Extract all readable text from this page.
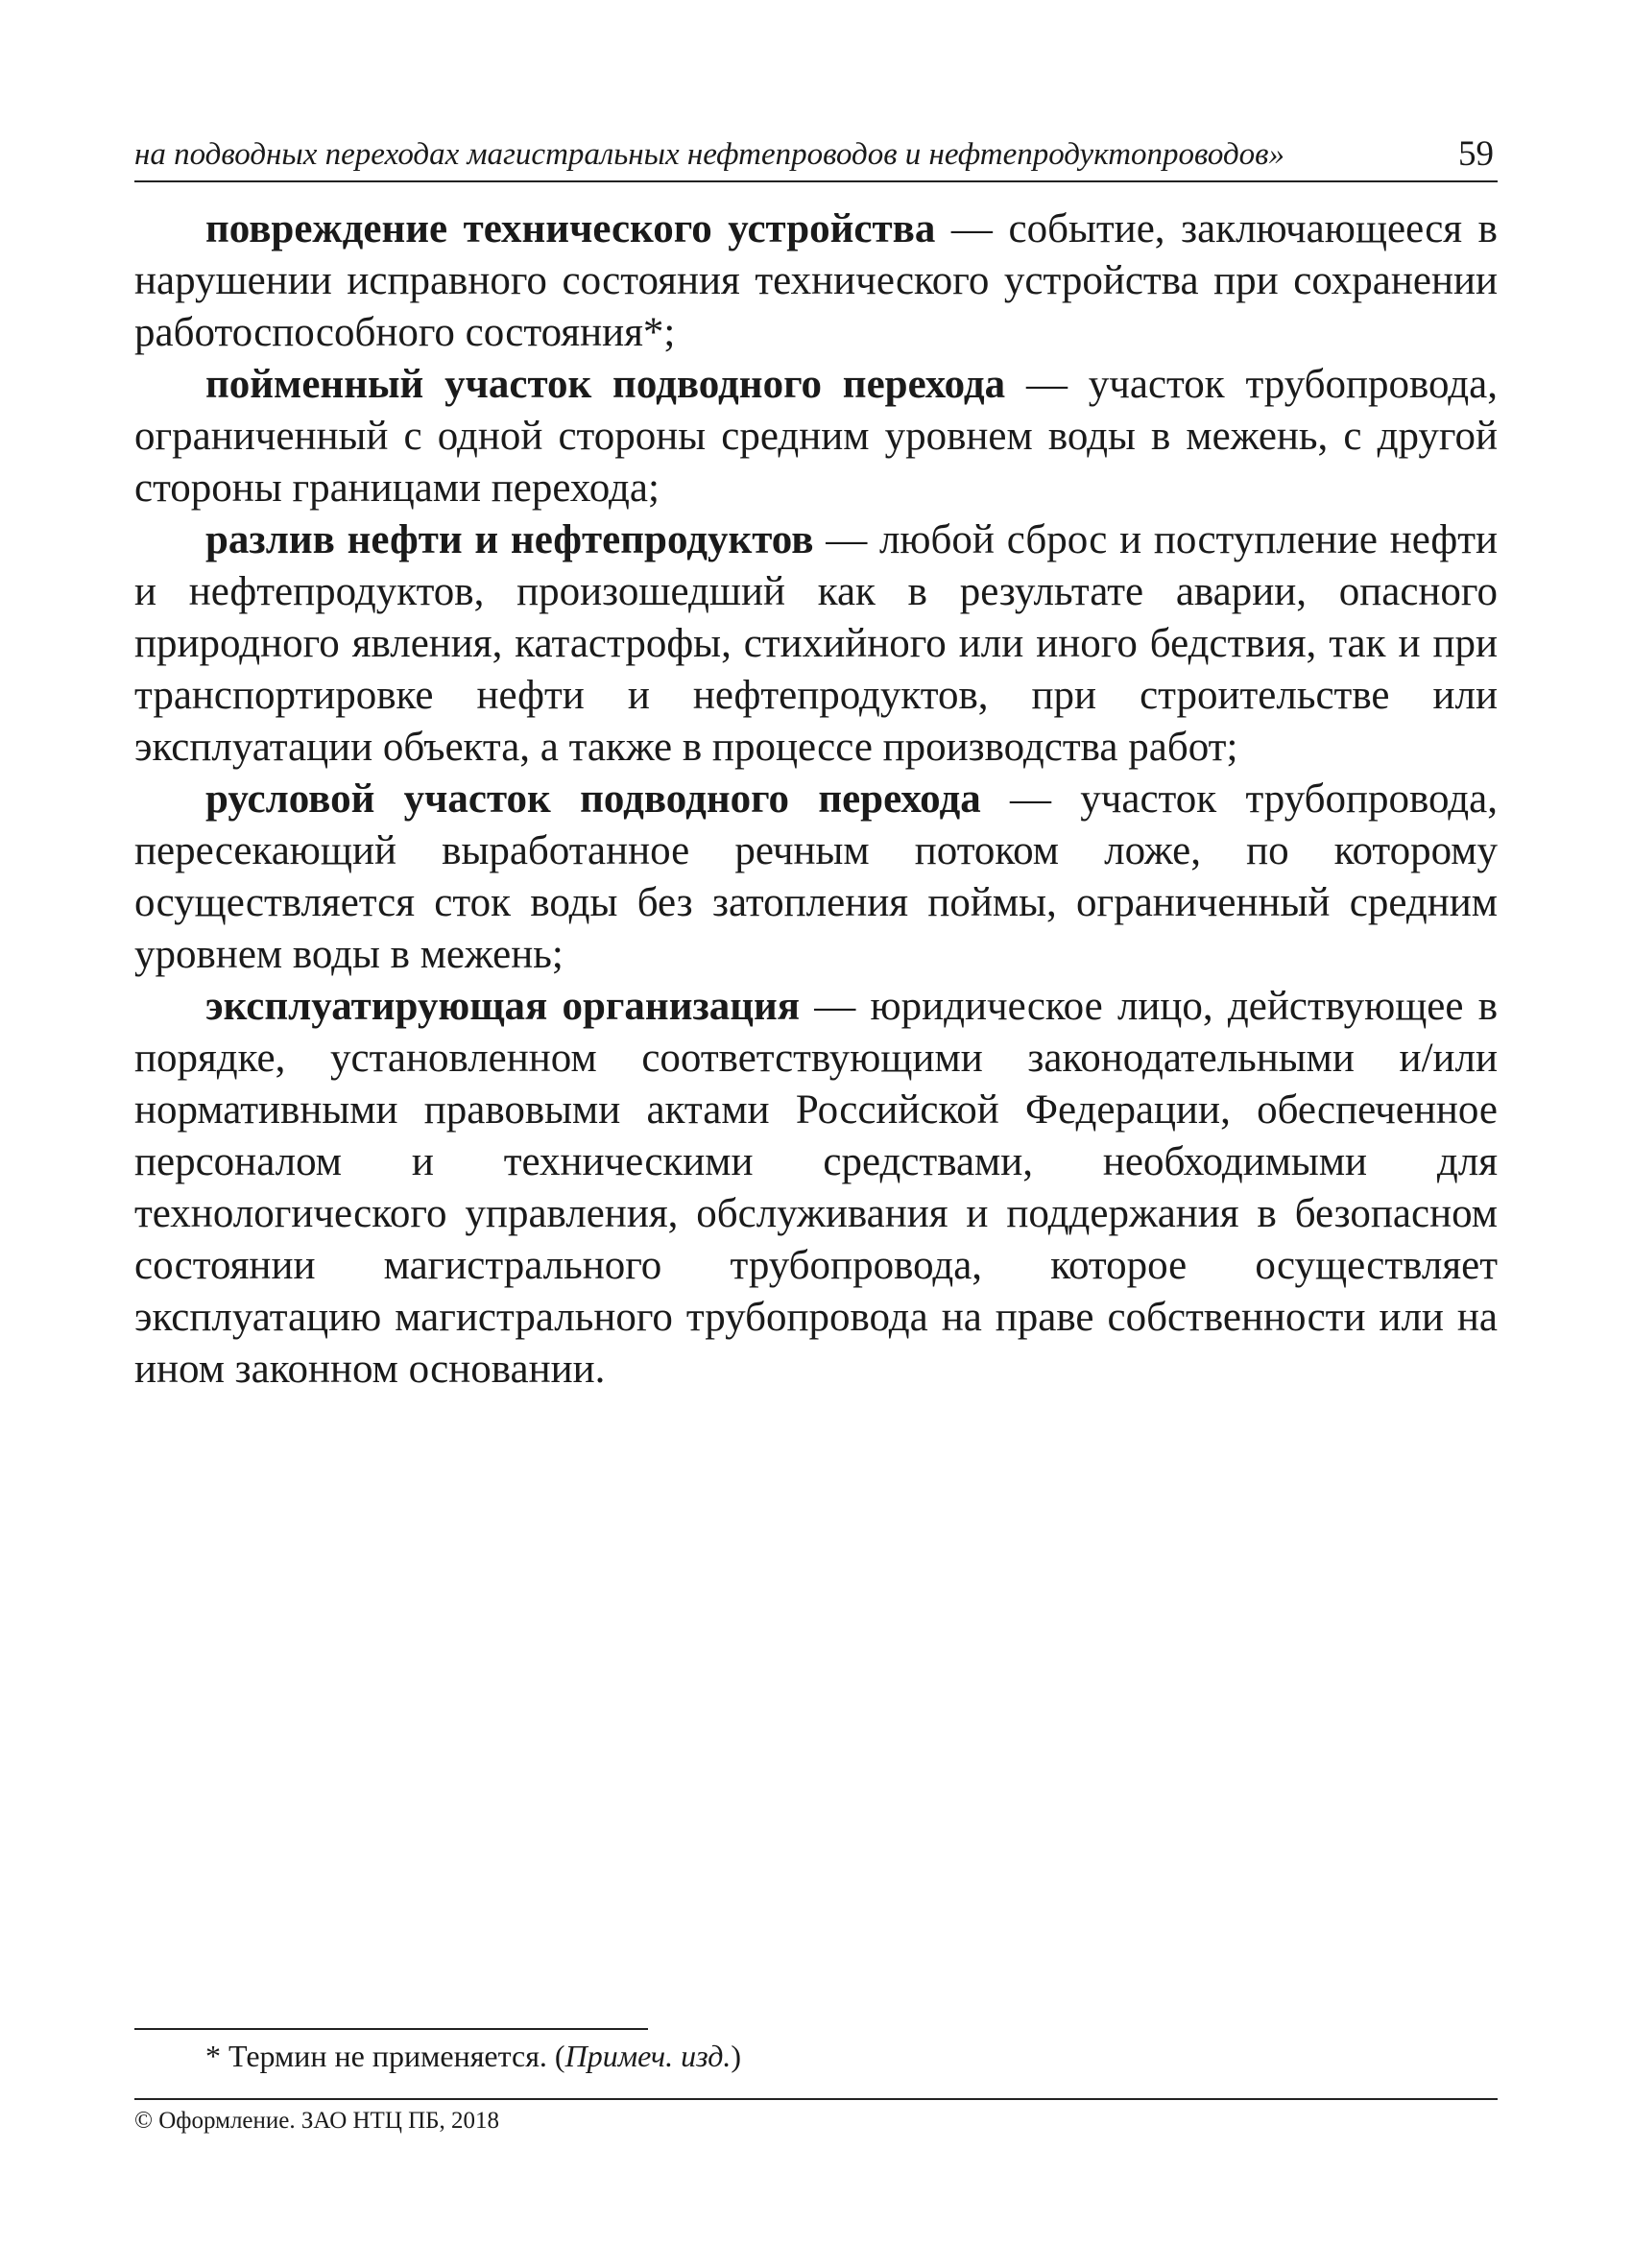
на подводных переходах магистральных нефтепроводов и нефтепродуктопроводов»	59

повреждение технического устройства — событие, заключающееся в нарушении исправного состояния технического устройства при сохранении работоспособного состояния*;

пойменный участок подводного перехода — участок трубопровода, ограниченный с одной стороны средним уровнем воды в межень, с другой стороны границами перехода;

разлив нефти и нефтепродуктов — любой сброс и поступление нефти и нефтепродуктов, произошедший как в результате аварии, опасного природного явления, катастрофы, стихийного или иного бедствия, так и при транспортировке нефти и нефтепродуктов, при строительстве или эксплуатации объекта, а также в процессе производства работ;

русловой участок подводного перехода — участок трубопровода, пересекающий выработанное речным потоком ложе, по которому осуществляется сток воды без затопления поймы, ограниченный средним уровнем воды в межень;

эксплуатирующая организация — юридическое лицо, действующее в порядке, установленном соответствующими законодательными и/или нормативными правовыми актами Российской Федерации, обеспеченное персоналом и техническими средствами, необходимыми для технологического управления, обслуживания и поддержания в безопасном состоянии магистрального трубопровода, которое осуществляет эксплуатацию магистрального трубопровода на праве собственности или на ином законном основании.

* Термин не применяется. (Примеч. изд.)
© Оформление. ЗАО НТЦ ПБ, 2018
